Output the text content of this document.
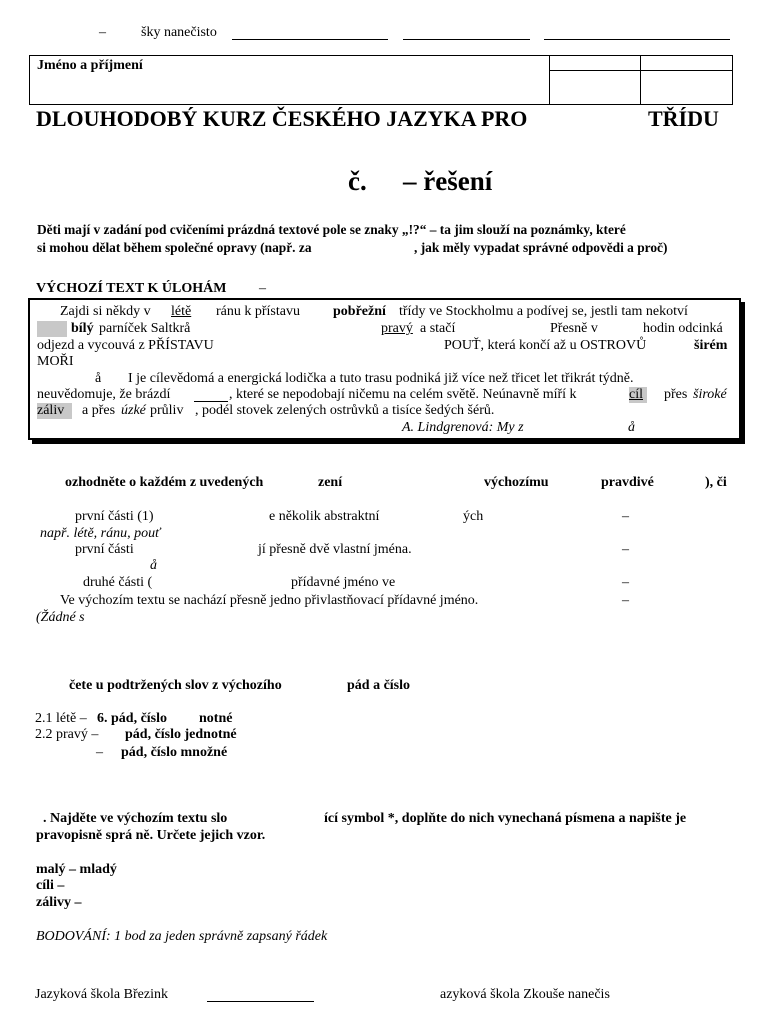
–	šky nanečisto
Jméno a příjmení
DLOUHODOBÝ KURZ ČESKÉHO JAZYKA PRO	TŘÍDU
č. – řešení
Děti mají v zadání pod cvičeními prázdná textové pole se znaky „!?“ – ta jim slouží na poznámky, které
si mohou dělat během společné opravy (např. za	, jak měly vypadat správné odpovědi a proč)
VÝCHOZÍ TEXT K ÚLOHÁM –
Zajdi si někdy v létě ránu k přístavu pobřežní třídy ve Stockholmu a podívej se, jestli tam nekotví
bílý parníček Saltkrå	pravý a stačí	Přesně v	hodin odcinká
odjezd a vycouvá z PŘÍSTAVU	POUŤ, která končí až u OSTROVŮ	širém
MOŘI
å I je cílevědomá a energická lodička a tuto trasu podniká již více než třicet let třikrát týdně.
neuvědomuje, že brázdí	, které se nepodobají ničemu na celém světě. Neúnavně míří k	cíl přes široké
záliv	a přes úzké průliv , podél stovek zelených ostrůvků a tisíce šedých šérů.
A. Lindgrenová: My z	å
ozhodněte o každém z uvedených	zení	výchozímu	pravdivé	), či
první části (1)	e několik abstraktní	ých	–
např. létě, ránu, pouť
první části	jí přesně dvě vlastní jména.	–
å
druhé části (	přídavné jméno ve	–
Ve výchozím textu se nachází přesně jedno přivlastňovací přídavné jméno.	–
(Žádné s
čete u podtržených slov z výchozího	pád a číslo
2.1 létě – 6. pád, číslo notné
2.2 pravý – pád, číslo jednotné
– pád, číslo množné
. Najděte ve výchozím textu slo	ící symbol *, doplňte do nich vynechaná písmena a napište je
pravopisně sprá ně. Určete jejich vzor.
malý – mladý
cíli –
zálivy –
BODOVÁNÍ: 1 bod za jeden správně zapsaný řádek
Jazyková škola Březink	azyková škola Zkouše nanečis
